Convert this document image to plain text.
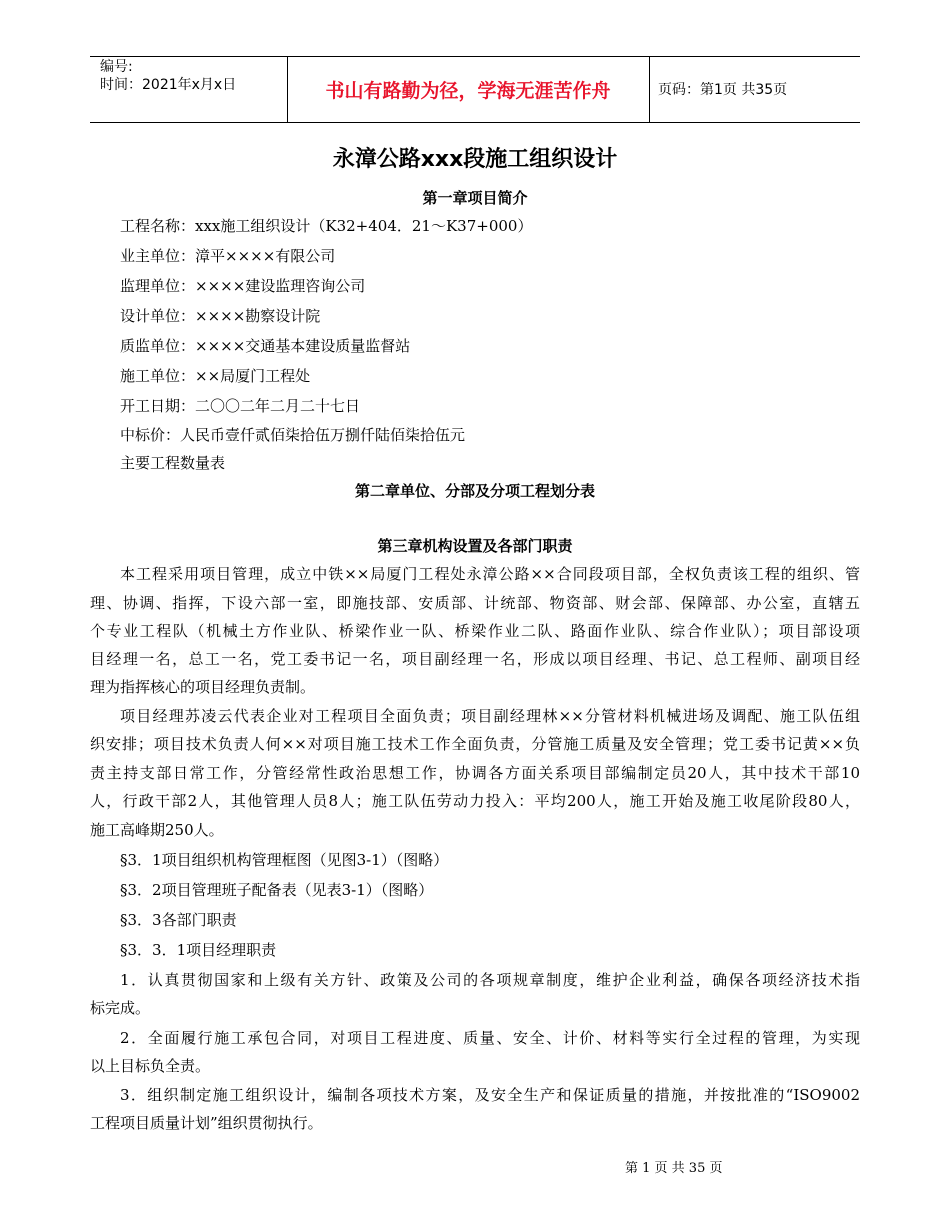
编号:
时间：2021年x月x日	书山有路勤为径，学海无涯苦作舟	页码：第1页 共35页
永漳公路xxx段施工组织设计
第一章项目简介
工程名称：xxx施工组织设计（K32+404．21～K37+000）
业主单位：漳平××××有限公司
监理单位：××××建设监理咨询公司
设计单位：××××勘察设计院
质监单位：××××交通基本建设质量监督站
施工单位：××局厦门工程处
开工日期：二〇〇二年二月二十七日
中标价：人民币壹仟贰佰柒拾伍万捌仟陆佰柒拾伍元
主要工程数量表
第二章单位、分部及分项工程划分表
第三章机构设置及各部门职责
本工程采用项目管理，成立中铁××局厦门工程处永漳公路××合同段项目部，全权负责该工程的组织、管
理、协调、指挥，下设六部一室，即施技部、安质部、计统部、物资部、财会部、保障部、办公室，直辖五
个专业工程队（机械土方作业队、桥梁作业一队、桥梁作业二队、路面作业队、综合作业队）；项目部设项
目经理一名，总工一名，党工委书记一名，项目副经理一名，形成以项目经理、书记、总工程师、副项目经
理为指挥核心的项目经理负责制。
项目经理苏凌云代表企业对工程项目全面负责；项目副经理林××分管材料机械进场及调配、施工队伍组
织安排；项目技术负责人何××对项目施工技术工作全面负责，分管施工质量及安全管理；党工委书记黄××负
责主持支部日常工作，分管经常性政治思想工作，协调各方面关系项目部编制定员20人，其中技术干部10
人，行政干部2人，其他管理人员8人；施工队伍劳动力投入：平均200人，施工开始及施工收尾阶段80人，
施工高峰期250人。
§3．1项目组织机构管理框图（见图3-1）（图略）
§3．2项目管理班子配备表（见表3-1）（图略）
§3．3各部门职责
§3．3．1项目经理职责
1．认真贯彻国家和上级有关方针、政策及公司的各项规章制度，维护企业利益，确保各项经济技术指
标完成。
2．全面履行施工承包合同，对项目工程进度、质量、安全、计价、材料等实行全过程的管理，为实现
以上目标负全责。
3．组织制定施工组织设计，编制各项技术方案，及安全生产和保证质量的措施，并按批准的“ISO9002
工程项目质量计划”组织贯彻执行。
第 1 页 共 35 页
